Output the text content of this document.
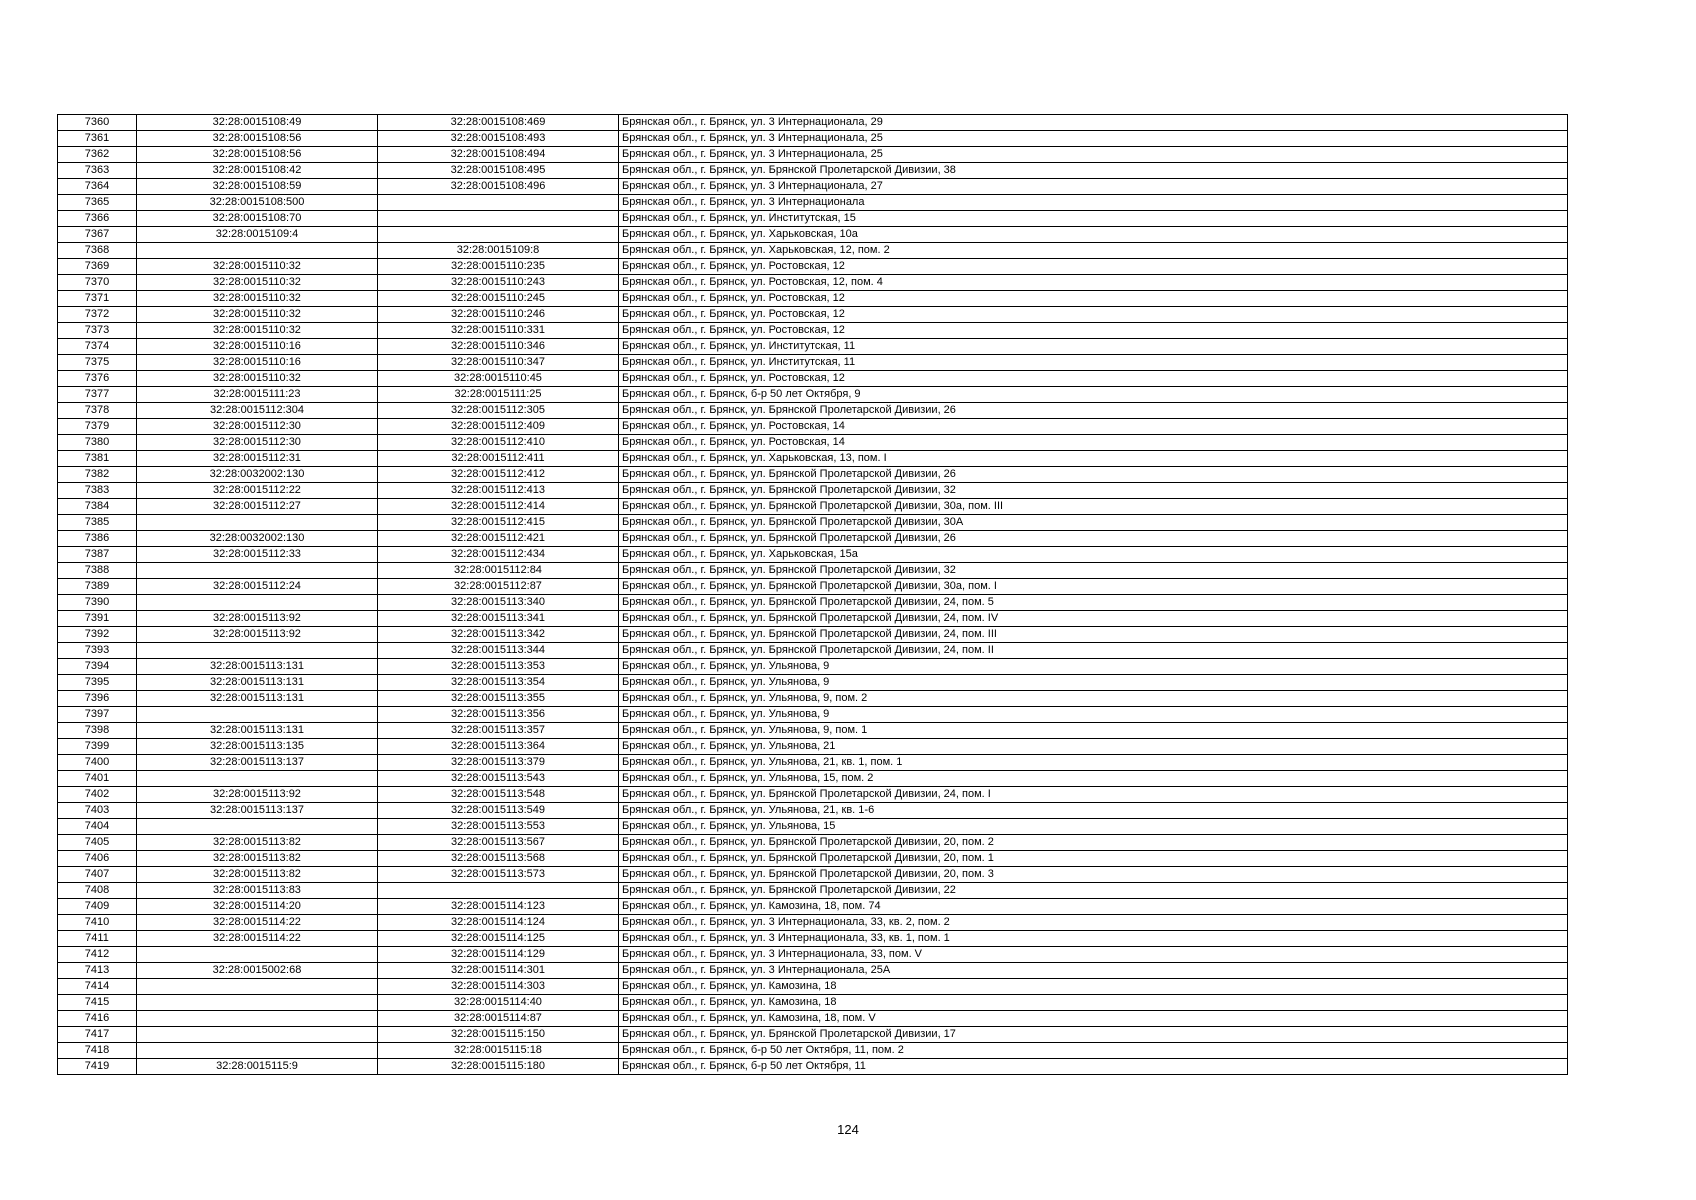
7360	32:28:0015108:49	32:28:0015108:469	Брянская обл., г. Брянск, ул. 3 Интернационала, 29
7361	32:28:0015108:56	32:28:0015108:493	Брянская обл., г. Брянск, ул. 3 Интернационала, 25
7362	32:28:0015108:56	32:28:0015108:494	Брянская обл., г. Брянск, ул. 3 Интернационала, 25
7363	32:28:0015108:42	32:28:0015108:495	Брянская обл., г. Брянск, ул. Брянской Пролетарской Дивизии, 38
7364	32:28:0015108:59	32:28:0015108:496	Брянская обл., г. Брянск, ул. 3 Интернационала, 27
7365	32:28:0015108:500		Брянская обл., г. Брянск, ул. 3 Интернационала
7366	32:28:0015108:70		Брянская обл., г. Брянск, ул. Институтская, 15
7367	32:28:0015109:4		Брянская обл., г. Брянск, ул. Харьковская, 10а
7368		32:28:0015109:8	Брянская обл., г. Брянск, ул. Харьковская, 12, пом. 2
7369	32:28:0015110:32	32:28:0015110:235	Брянская обл., г. Брянск, ул. Ростовская, 12
7370	32:28:0015110:32	32:28:0015110:243	Брянская обл., г. Брянск, ул. Ростовская, 12, пом. 4
7371	32:28:0015110:32	32:28:0015110:245	Брянская обл., г. Брянск, ул. Ростовская, 12
7372	32:28:0015110:32	32:28:0015110:246	Брянская обл., г. Брянск, ул. Ростовская, 12
7373	32:28:0015110:32	32:28:0015110:331	Брянская обл., г. Брянск, ул. Ростовская, 12
7374	32:28:0015110:16	32:28:0015110:346	Брянская обл., г. Брянск, ул. Институтская, 11
7375	32:28:0015110:16	32:28:0015110:347	Брянская обл., г. Брянск, ул. Институтская, 11
7376	32:28:0015110:32	32:28:0015110:45	Брянская обл., г. Брянск, ул. Ростовская, 12
7377	32:28:0015111:23	32:28:0015111:25	Брянская обл., г. Брянск, б-р 50 лет Октября, 9
7378	32:28:0015112:304	32:28:0015112:305	Брянская обл., г. Брянск, ул. Брянской Пролетарской Дивизии, 26
7379	32:28:0015112:30	32:28:0015112:409	Брянская обл., г. Брянск, ул. Ростовская, 14
7380	32:28:0015112:30	32:28:0015112:410	Брянская обл., г. Брянск, ул. Ростовская, 14
7381	32:28:0015112:31	32:28:0015112:411	Брянская обл., г. Брянск, ул. Харьковская, 13, пом. I
7382	32:28:0032002:130	32:28:0015112:412	Брянская обл., г. Брянск, ул. Брянской Пролетарской Дивизии, 26
7383	32:28:0015112:22	32:28:0015112:413	Брянская обл., г. Брянск, ул. Брянской Пролетарской Дивизии, 32
7384	32:28:0015112:27	32:28:0015112:414	Брянская обл., г. Брянск, ул. Брянской Пролетарской Дивизии, 30а, пом. III
7385		32:28:0015112:415	Брянская обл., г. Брянск, ул. Брянской Пролетарской Дивизии, 30А
7386	32:28:0032002:130	32:28:0015112:421	Брянская обл., г. Брянск, ул. Брянской Пролетарской Дивизии, 26
7387	32:28:0015112:33	32:28:0015112:434	Брянская обл., г. Брянск, ул. Харьковская, 15а
7388		32:28:0015112:84	Брянская обл., г. Брянск, ул. Брянской Пролетарской Дивизии, 32
7389	32:28:0015112:24	32:28:0015112:87	Брянская обл., г. Брянск, ул. Брянской Пролетарской Дивизии, 30а, пом. I
7390		32:28:0015113:340	Брянская обл., г. Брянск, ул. Брянской Пролетарской Дивизии, 24, пом. 5
7391	32:28:0015113:92	32:28:0015113:341	Брянская обл., г. Брянск, ул. Брянской Пролетарской Дивизии, 24, пом. IV
7392	32:28:0015113:92	32:28:0015113:342	Брянская обл., г. Брянск, ул. Брянской Пролетарской Дивизии, 24, пом. III
7393		32:28:0015113:344	Брянская обл., г. Брянск, ул. Брянской Пролетарской Дивизии, 24, пом. II
7394	32:28:0015113:131	32:28:0015113:353	Брянская обл., г. Брянск, ул. Ульянова, 9
7395	32:28:0015113:131	32:28:0015113:354	Брянская обл., г. Брянск, ул. Ульянова, 9
7396	32:28:0015113:131	32:28:0015113:355	Брянская обл., г. Брянск, ул. Ульянова, 9, пом. 2
7397		32:28:0015113:356	Брянская обл., г. Брянск, ул. Ульянова, 9
7398	32:28:0015113:131	32:28:0015113:357	Брянская обл., г. Брянск, ул. Ульянова, 9, пом. 1
7399	32:28:0015113:135	32:28:0015113:364	Брянская обл., г. Брянск, ул. Ульянова, 21
7400	32:28:0015113:137	32:28:0015113:379	Брянская обл., г. Брянск, ул. Ульянова, 21, кв. 1, пом. 1
7401		32:28:0015113:543	Брянская обл., г. Брянск, ул. Ульянова, 15, пом. 2
7402	32:28:0015113:92	32:28:0015113:548	Брянская обл., г. Брянск, ул. Брянской Пролетарской Дивизии, 24, пом. I
7403	32:28:0015113:137	32:28:0015113:549	Брянская обл., г. Брянск, ул. Ульянова, 21, кв. 1-6
7404		32:28:0015113:553	Брянская обл., г. Брянск, ул. Ульянова, 15
7405	32:28:0015113:82	32:28:0015113:567	Брянская обл., г. Брянск, ул. Брянской Пролетарской Дивизии, 20, пом. 2
7406	32:28:0015113:82	32:28:0015113:568	Брянская обл., г. Брянск, ул. Брянской Пролетарской Дивизии, 20, пом. 1
7407	32:28:0015113:82	32:28:0015113:573	Брянская обл., г. Брянск, ул. Брянской Пролетарской Дивизии, 20, пом. 3
7408	32:28:0015113:83		Брянская обл., г. Брянск, ул. Брянской Пролетарской Дивизии, 22
7409	32:28:0015114:20	32:28:0015114:123	Брянская обл., г. Брянск, ул. Камозина, 18, пом. 74
7410	32:28:0015114:22	32:28:0015114:124	Брянская обл., г. Брянск, ул. 3 Интернационала, 33, кв. 2, пом. 2
7411	32:28:0015114:22	32:28:0015114:125	Брянская обл., г. Брянск, ул. 3 Интернационала, 33, кв. 1, пом. 1
7412		32:28:0015114:129	Брянская обл., г. Брянск, ул. 3 Интернационала, 33, пом. V
7413	32:28:0015002:68	32:28:0015114:301	Брянская обл., г. Брянск, ул. 3 Интернационала, 25А
7414		32:28:0015114:303	Брянская обл., г. Брянск, ул. Камозина, 18
7415		32:28:0015114:40	Брянская обл., г. Брянск, ул. Камозина, 18
7416		32:28:0015114:87	Брянская обл., г. Брянск, ул. Камозина, 18, пом. V
7417		32:28:0015115:150	Брянская обл., г. Брянск, ул. Брянской Пролетарской Дивизии, 17
7418		32:28:0015115:18	Брянская обл., г. Брянск, б-р 50 лет Октября, 11, пом. 2
7419	32:28:0015115:9	32:28:0015115:180	Брянская обл., г. Брянск, б-р 50 лет Октября, 11
124
